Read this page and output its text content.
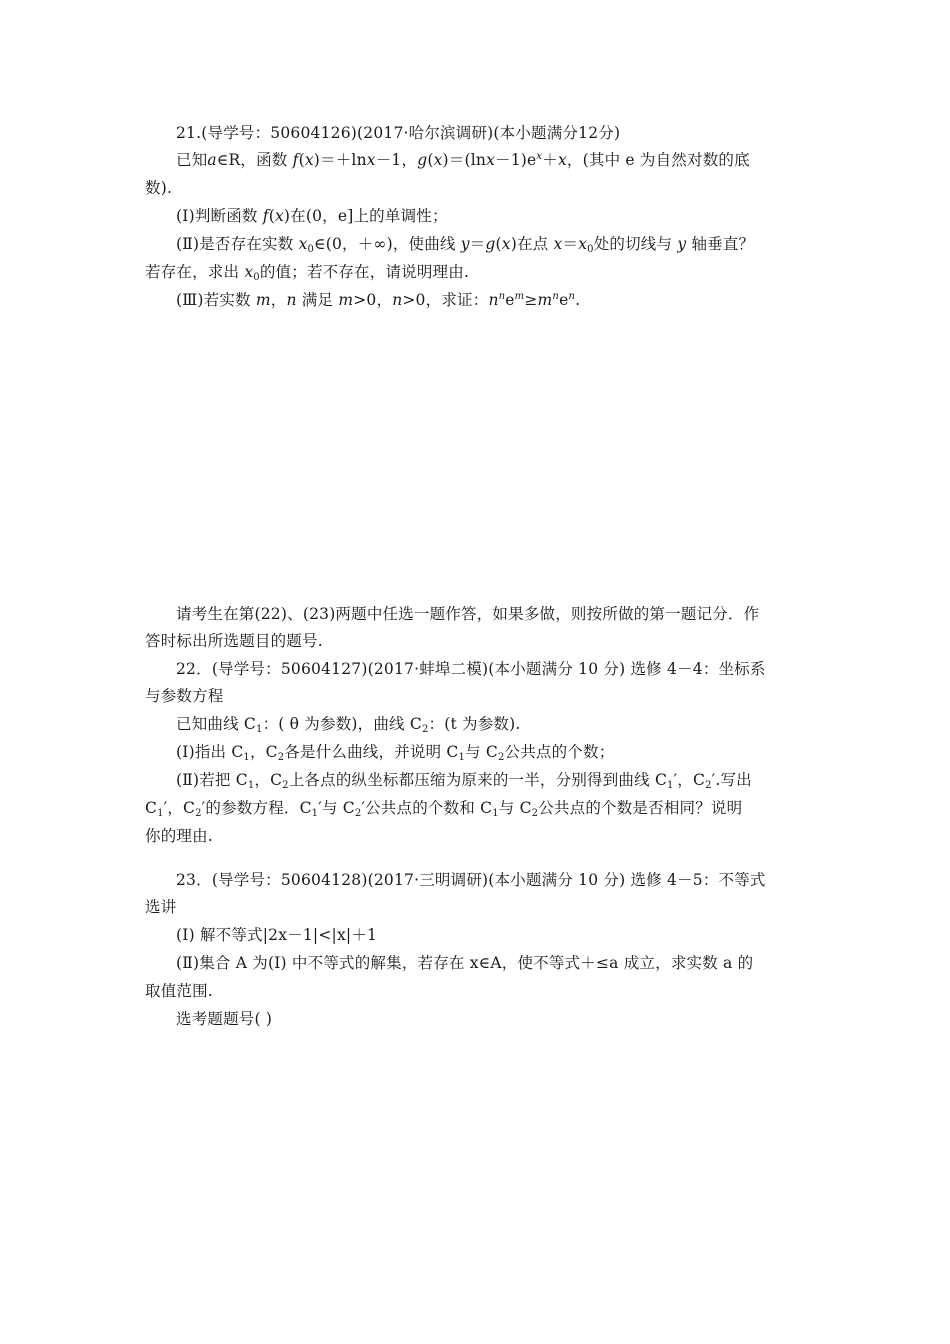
21.(导学号：50604126)(2017·哈尔滨调研)(本小题满分12分)
已知a∈R，函数 f(x)＝＋lnx－1，$g(x)=(\ln x-1)e^x+x$，(其中 e 为自然对数的底
数).
(Ⅰ)判断函数 f(x)在(0，e]上的单调性；
(Ⅱ)是否存在实数 $x_0\in(0$，＋∞)，使曲线 y＝g(x)在点 $x=x_0$处的切线与 y 轴垂直？
若存在，求出 $x_0$的值；若不存在，请说明理由.
(Ⅲ)若实数 m，n 满足 m>0，n>0，求证：$n^ne^m\ge m^ne^n$.
请考生在第(22)、(23)两题中任选一题作答，如果多做，则按所做的第一题记分．作
答时标出所选题目的题号.
22．(导学号：50604127)(2017·蚌埠二模)(本小题满分 10 分) 选修 4－4：坐标系
与参数方程
已知曲线 $C_1$：( θ 为参数)，曲线 $C_2$：(t 为参数).
(Ⅰ)指出 $C_1$，$C_2$各是什么曲线，并说明 $C_1$与 $C_2$公共点的个数；
(Ⅱ)若把 $C_1$，$C_2$上各点的纵坐标都压缩为原来的一半，分别得到曲线 $C_1'$，$C_2'$.写出
$C_1'$，$C_2'$的参数方程．$C_1'$与 $C_2'$公共点的个数和 $C_1$与 $C_2$公共点的个数是否相同？说明
你的理由.
23．(导学号：50604128)(2017·三明调研)(本小题满分 10 分) 选修 4－5：不等式
选讲
(Ⅰ) 解不等式|2x－1|<|x|＋1
(Ⅱ)集合 A 为(Ⅰ) 中不等式的解集，若存在 x∈A，使不等式＋≤a 成立，求实数 a 的
取值范围.
选考题题号( )
